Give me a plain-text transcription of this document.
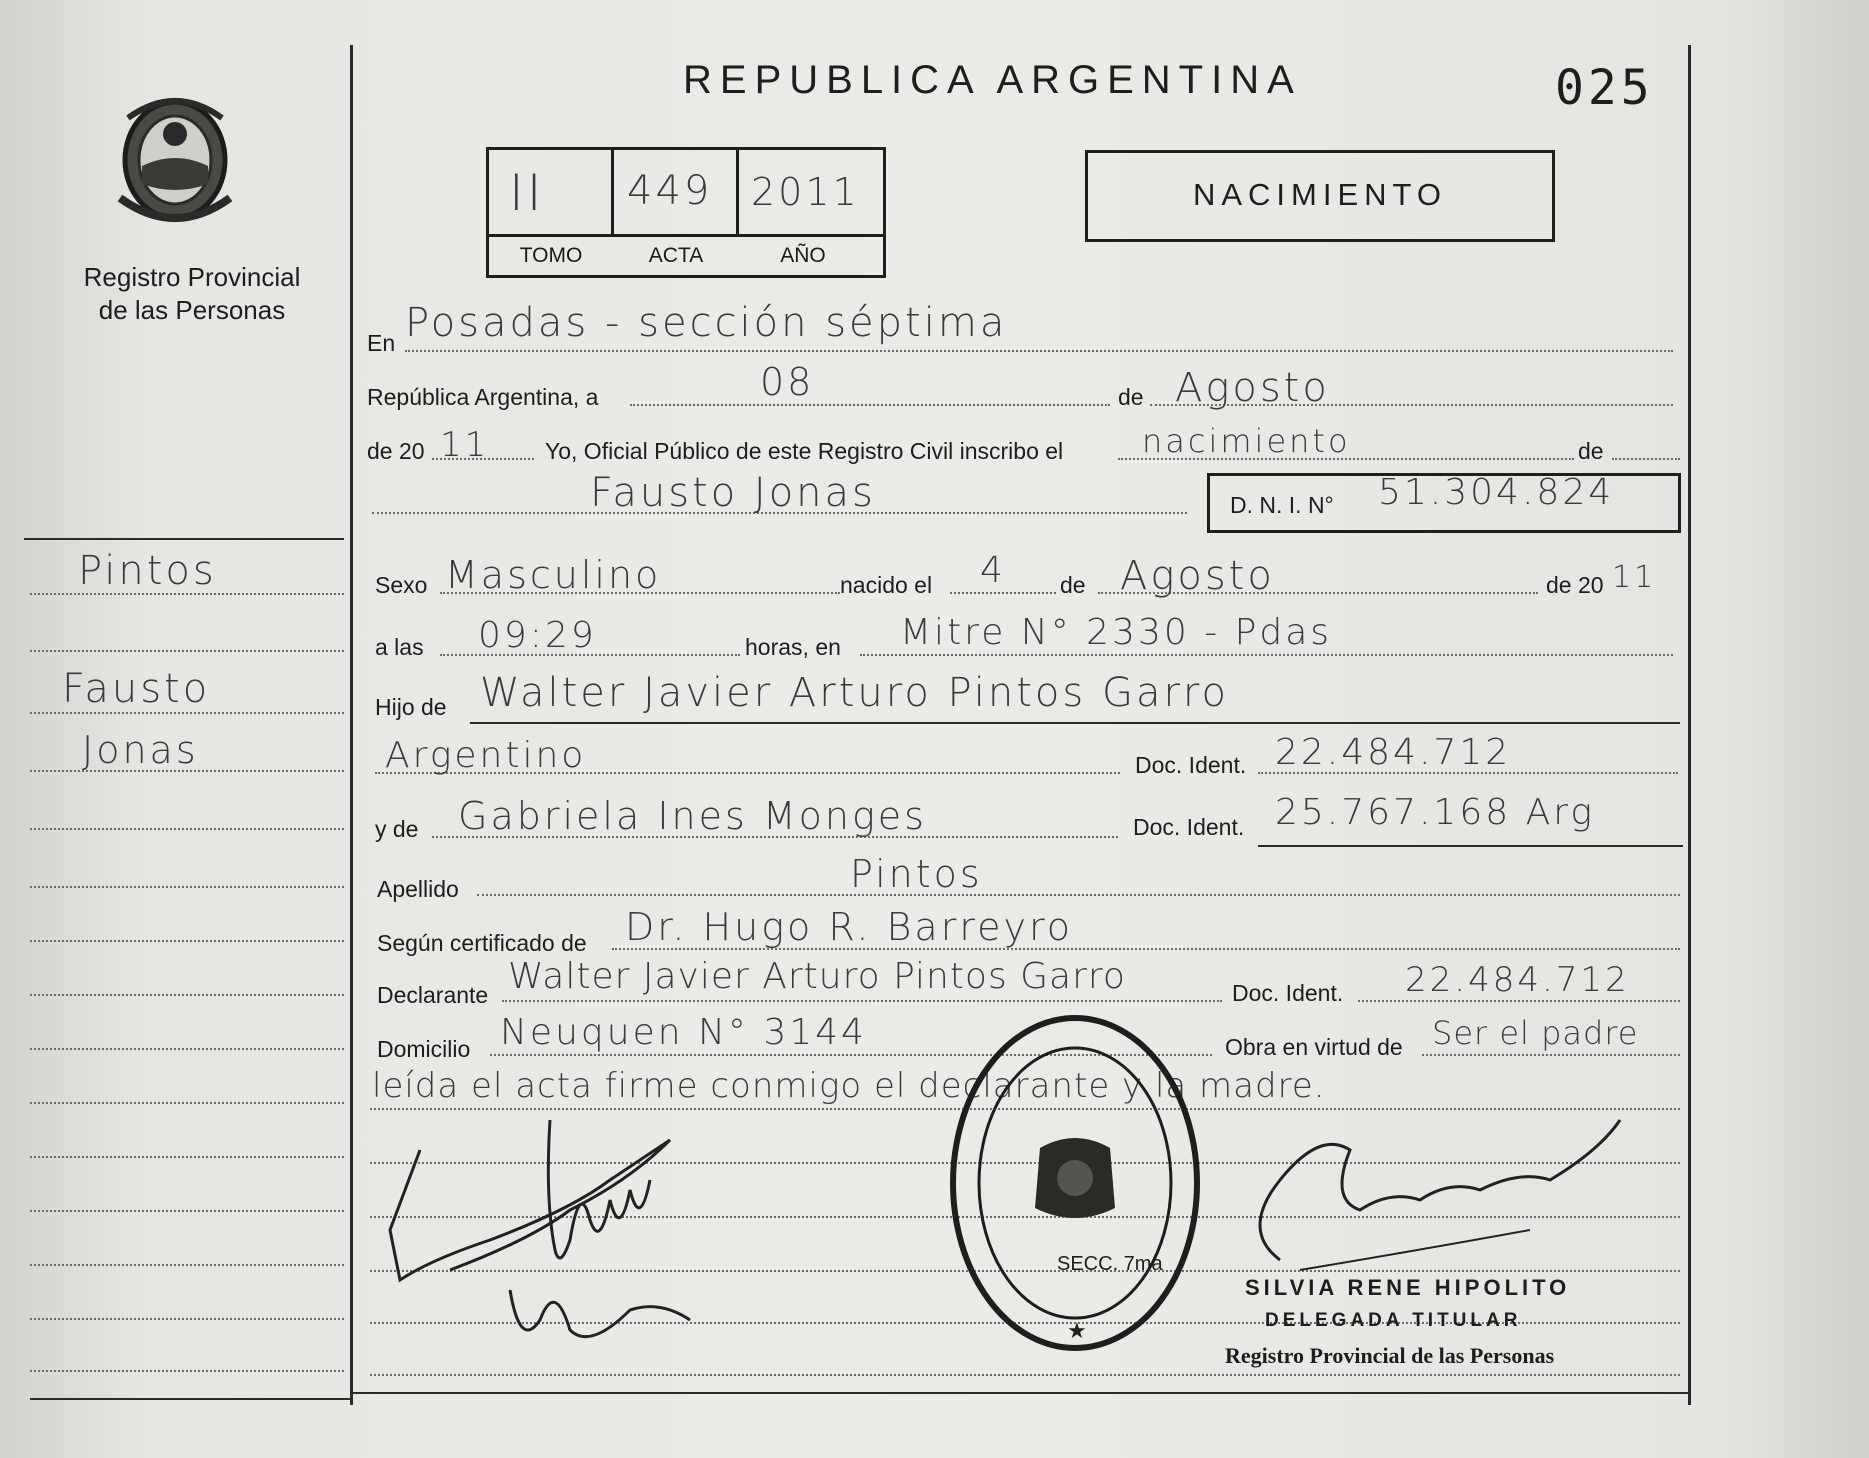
Registro Provincial
de las Personas
REPUBLICA ARGENTINA	025
II 449 2011
TOMO	ACTA	AÑO
NACIMIENTO
Pintos
Fausto
Jonas
En Posadas - sección séptima
República Argentina, a	08	de Agosto
de 20 11 Yo, Oficial Público de este Registro Civil inscribo el nacimiento	de
Fausto Jonas	D. N. I. N° 51.304.824
Sexo Masculino	nacido el 4 de Agosto	de 20 11
a las 09:29	horas, en Mitre N° 2330 - Pdas
Hijo de Walter Javier Arturo Pintos Garro
Argentino	Doc. Ident. 22.484.712
y de Gabriela Ines Monges	Doc. Ident. 25.767.168 Arg
Apellido	Pintos
Según certificado de Dr. Hugo R. Barreyro
Declarante Walter Javier Arturo Pintos Garro	Doc. Ident. 22.484.712
Domicilio Neuquen N° 3144	Obra en virtud de Ser el padre
leída el acta firme conmigo el declarante y la madre.
SECC. 7ma
★
SILVIA RENE HIPOLITO
DELEGADA TITULAR
Registro Provincial de las Personas
